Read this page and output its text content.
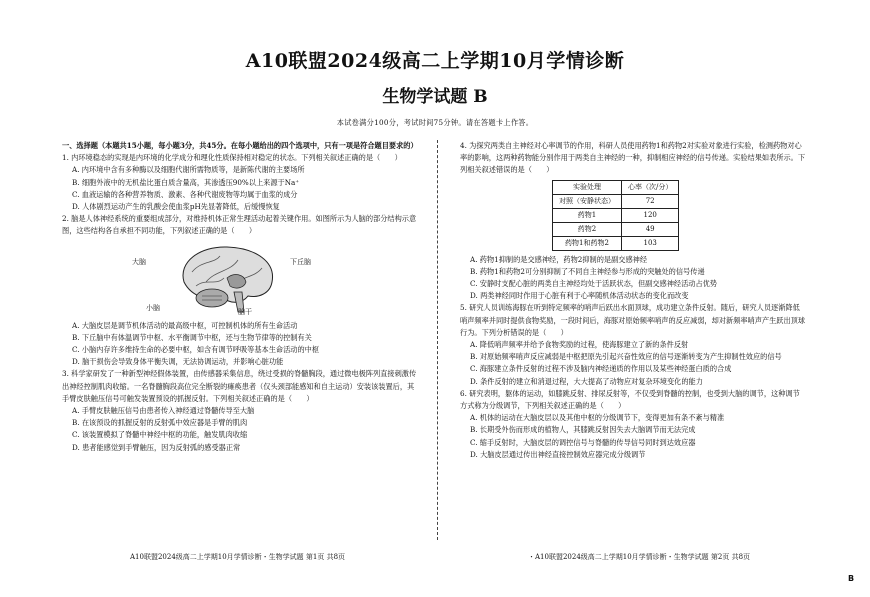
A10联盟2024级高二上学期10月学情诊断
生物学试题 B
本试卷满分100分，考试时间75分钟。请在答题卡上作答。

一、选择题（本题共15小题，每小题3分，共45分。在每小题给出的四个选项中，只有一项是符合题目要求的）

1. 内环境稳态的实现是内环境的化学成分和理化性质保持相对稳定的状态。下列相关叙述正确的是（　　）

A. 内环境中含有多种酶以及细胞代谢所需物质等，是新陈代谢的主要场所

B. 细胞外液中的无机盐比蛋白质含量高，其渗透压90%以上来源于Na⁺

C. 血液运输的各种营养物质、激素、各种代谢废物等均属于血浆的成分

D. 人体剧烈运动产生的乳酸会使血浆pH先显著降低，后缓慢恢复

2. 脑是人体神经系统的重要组成部分，对维持机体正常生理活动起着关键作用。如图所示为人脑的部分结构示意图，这些结构各自承担不同功能，下列叙述正确的是（　　）

大脑
小脑	脑干
下丘脑

A. 大脑皮层是调节机体活动的最高级中枢，可控制机体的所有生命活动

B. 下丘脑中有体温调节中枢、水平衡调节中枢，还与生物节律等的控制有关

C. 小脑内存许多维持生命的必要中枢，如含有调节呼吸等基本生命活动的中枢

D. 脑干损伤会导致身体平衡失调，无法协调运动，并影响心脏功能

3. 科学家研发了一种新型神经假体装置，由传感器采集信息，绕过受损的脊髓胸段，通过微电极阵列直接刺激传出神经控制肌肉收缩。一名脊髓胸段高位完全断裂的瘫痪患者（仅头颈部能感知和自主运动）安装该装置后，其手臂皮肤触压信号可触发装置预设的抓握反射。下列相关叙述正确的是（　　）

A. 手臂皮肤触压信号由患者传入神经通过脊髓传导至大脑

B. 在该预设的抓握反射的反射弧中效应器是手臂的肌肉

C. 该装置模拟了脊髓中神经中枢的功能，触发肌肉收缩

D. 患者能感觉到手臂触压，因为反射弧的感受器正常

4. 为探究两类自主神经对心率调节的作用，科研人员使用药物1和药物2对实验对象进行实验，检测药物对心率的影响，这两种药物能分别作用于两类自主神经的一种，抑制相应神经的信号传递。实验结果如表所示。下列相关叙述错误的是（　　）

实验处理	心率（次/分）
对照（安静状态）	72
药物1	120
药物2	49
药物1和药物2	103

A. 药物1抑制的是交感神经，药物2抑制的是副交感神经

B. 药物1和药物2可分别抑制了不同自主神经参与形成的突触处的信号传递

C. 安静时支配心脏的两类自主神经均处于活跃状态，但副交感神经活动占优势

D. 两类神经同时作用于心脏有利于心率随机体活动状态的变化而改变

5. 研究人员训练海豚在听到特定频率的哨声后跃出水面顶球，成功建立条件反射。随后，研究人员逐渐降低哨声频率并同时提供食物奖励，一段时间后，海豚对原始频率哨声的反应减弱，却对新频率哨声产生跃出顶球行为。下列分析错误的是（　　）

A. 降低哨声频率并给予食物奖励的过程，使海豚建立了新的条件反射

B. 对原始频率哨声反应减弱是中枢把原先引起兴奋性效应的信号逐渐转变为产生抑制性效应的信号

C. 海豚建立条件反射的过程不涉及脑内神经递质的作用以及某些神经蛋白质的合成

D. 条件反射的建立和消退过程，大大提高了动物应对复杂环境变化的能力

6. 研究表明，躯体的运动，如膝跳反射、排尿反射等，不仅受到脊髓的控制，也受到大脑的调节，这种调节方式称为分级调节，下列相关叙述正确的是（　　）

A. 机体的运动在大脑皮层以及其他中枢的分级调节下，变得更加有条不紊与精准

B. 长期受外伤而形成的植物人，其膝跳反射因失去大脑调节而无法完成

C. 缩手反射时，大脑皮层的调控信号与脊髓的传导信号同时到达效应器

D. 大脑皮层通过传出神经直接控制效应器完成分级调节

A10联盟2024级高二上学期10月学情诊断・生物学试题 第1页 共8页	・A10联盟2024级高二上学期10月学情诊断・生物学试题 第2页 共8页
B
